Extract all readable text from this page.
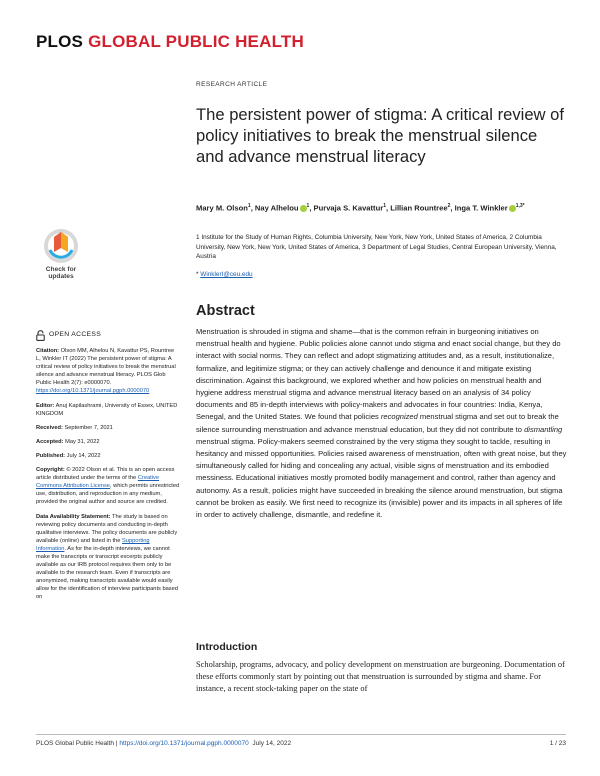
PLOS GLOBAL PUBLIC HEALTH
RESEARCH ARTICLE
The persistent power of stigma: A critical review of policy initiatives to break the menstrual silence and advance menstrual literacy
Mary M. Olson$^1$, Nay Alhelou $^1$, Purvaja S. Kavattur$^1$, Lillian Rountree$^2$, Inga T. Winkler $^{1,3*}$
1 Institute for the Study of Human Rights, Columbia University, New York, New York, United States of America, 2 Columbia University, New York, New York, United States of America, 3 Department of Legal Studies, Central European University, Vienna, Austria
* WinklerI@ceu.edu
Check for
updates
Abstract

Menstruation is shrouded in stigma and shame—that is the common refrain in burgeoning initiatives on menstrual health and hygiene. Public policies alone cannot undo stigma and enact social change, but they do interact with social norms. They can reflect and adopt stigmatizing attitudes and, as a result, institutionalize, formalize, and legitimize stigma; or they can actively challenge and denounce it and mitigate existing discrimination. Against this background, we explored whether and how policies on menstrual health and hygiene address menstrual stigma and advance menstrual literacy based on an analysis of 34 policy documents and 85 in-depth interviews with policy-makers and advocates in four countries: India, Kenya, Senegal, and the United States. We found that policies recognized menstrual stigma and set out to break the silence surrounding menstruation and advance menstrual education, but they did not contribute to dismantling menstrual stigma. Policy-makers seemed constrained by the very stigma they sought to tackle, resulting in hesitancy and missed opportunities. Policies raised awareness of menstruation, often with great noise, but they simultaneously called for hiding and concealing any actual, visible signs of menstruation and its embodied messiness. Educational initiatives mostly promoted bodily management and control, rather than agency and autonomy. As a result, policies might have succeeded in breaking the silence around menstruation, but stigma cannot be broken as easily. We first need to recognize its (invisible) power and its impacts in all spheres of life in order to actively challenge, dismantle, and redefine it.

OPEN ACCESS

Citation: Olson MM, Alhelou N, Kavattur PS, Rountree L, Winkler IT (2022) The persistent power of stigma: A critical review of policy initiatives to break the menstrual silence and advance menstrual literacy. PLOS Glob Public Health 2(7): e0000070. https://doi.org/10.1371/journal.pgph.0000070

Editor: Anuj Kapilashrami, University of Essex, UNITED KINGDOM

Received: September 7, 2021

Accepted: May 31, 2022

Published: July 14, 2022

Copyright: © 2022 Olson et al. This is an open access article distributed under the terms of the Creative Commons Attribution License, which permits unrestricted use, distribution, and reproduction in any medium, provided the original author and source are credited.

Data Availability Statement: The study is based on reviewing policy documents and conducting in-depth qualitative interviews. The policy documents are publicly available (online) and listed in the Supporting Information. As for the in-depth interviews, we cannot make the transcripts or transcript excerpts publicly available as our IRB protocol requires them only to be available to the research team. Even if transcripts are anonymized, making transcripts available would easily allow for the identification of interview participants based on

Introduction

Scholarship, programs, advocacy, and policy development on menstruation are burgeoning. Documentation of these efforts commonly start by pointing out that menstruation is surrounded by stigma and shame. For instance, a recent stock-taking paper on the state of

PLOS Global Public Health | https://doi.org/10.1371/journal.pgph.0000070 July 14, 2022	1 / 23
